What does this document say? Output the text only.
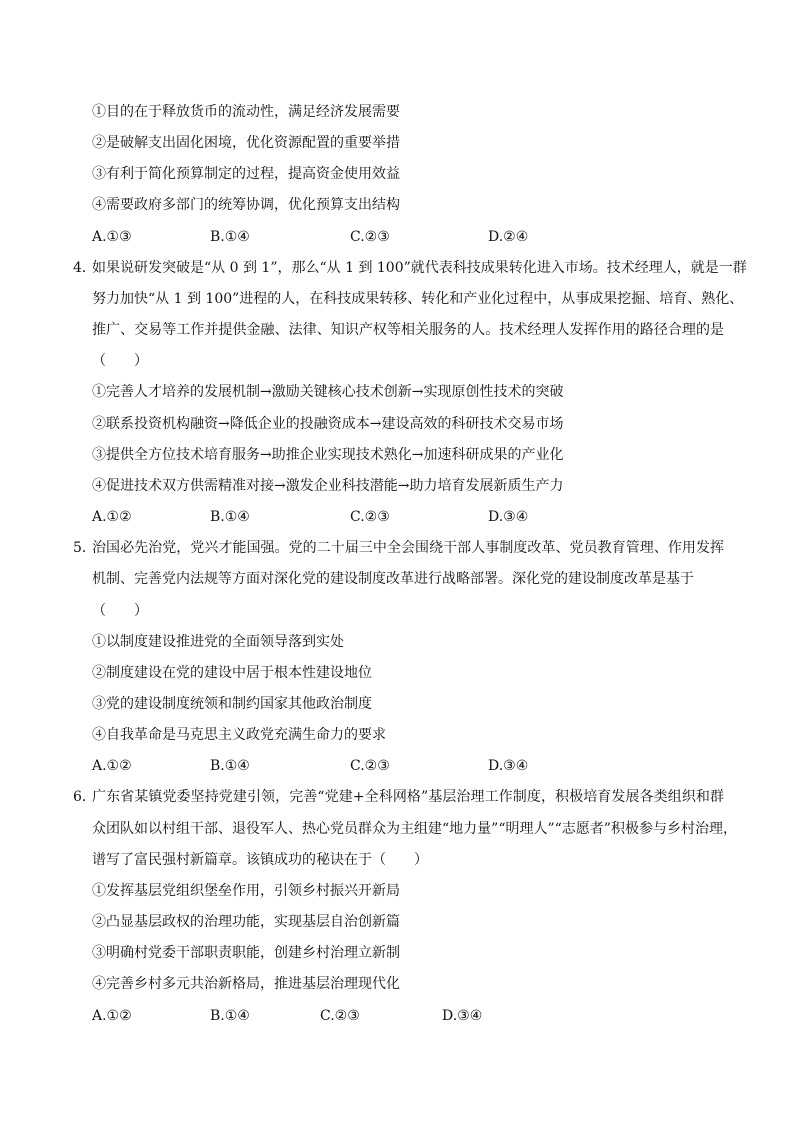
①目的在于释放货币的流动性，满足经济发展需要
②是破解支出固化困境，优化资源配置的重要举措
③有利于简化预算制定的过程，提高资金使用效益
④需要政府多部门的统筹协调，优化预算支出结构
A.①③	B.①④	C.②③	D.②④
4．
如果说研发突破是“从 0 到 1”，那么“从 1 到 100”就代表科技成果转化进入市场。技术经理人，就是一群
努力加快“从 1 到 100”进程的人，在科技成果转移、转化和产业化过程中，从事成果挖掘、培育、熟化、
推广、交易等工作并提供金融、法律、知识产权等相关服务的人。技术经理人发挥作用的路径合理的是
（　　）
①完善人才培养的发展机制→激励关键核心技术创新→实现原创性技术的突破
②联系投资机构融资→降低企业的投融资成本→建设高效的科研技术交易市场
③提供全方位技术培育服务→助推企业实现技术熟化→加速科研成果的产业化
④促进技术双方供需精准对接→激发企业科技潜能→助力培育发展新质生产力
A.①②	B.①④	C.②③	D.③④
5．
治国必先治党，党兴才能国强。党的二十届三中全会围绕干部人事制度改革、党员教育管理、作用发挥
机制、完善党内法规等方面对深化党的建设制度改革进行战略部署。深化党的建设制度改革是基于
（　　）
①以制度建设推进党的全面领导落到实处
②制度建设在党的建设中居于根本性建设地位
③党的建设制度统领和制约国家其他政治制度
④自我革命是马克思主义政党充满生命力的要求
A.①②	B.①④	C.②③	D.③④
6．
广东省某镇党委坚持党建引领，完善“党建+全科网格”基层治理工作制度，积极培育发展各类组织和群
众团队如以村组干部、退役军人、热心党员群众为主组建“地力量”“明理人”“志愿者”积极参与乡村治理，
谱写了富民强村新篇章。该镇成功的秘诀在于（　　）
①发挥基层党组织堡垒作用，引领乡村振兴开新局
②凸显基层政权的治理功能，实现基层自治创新篇
③明确村党委干部职责职能，创建乡村治理立新制
④完善乡村多元共治新格局，推进基层治理现代化
A.①②	B.①④	C.②③	D.③④
